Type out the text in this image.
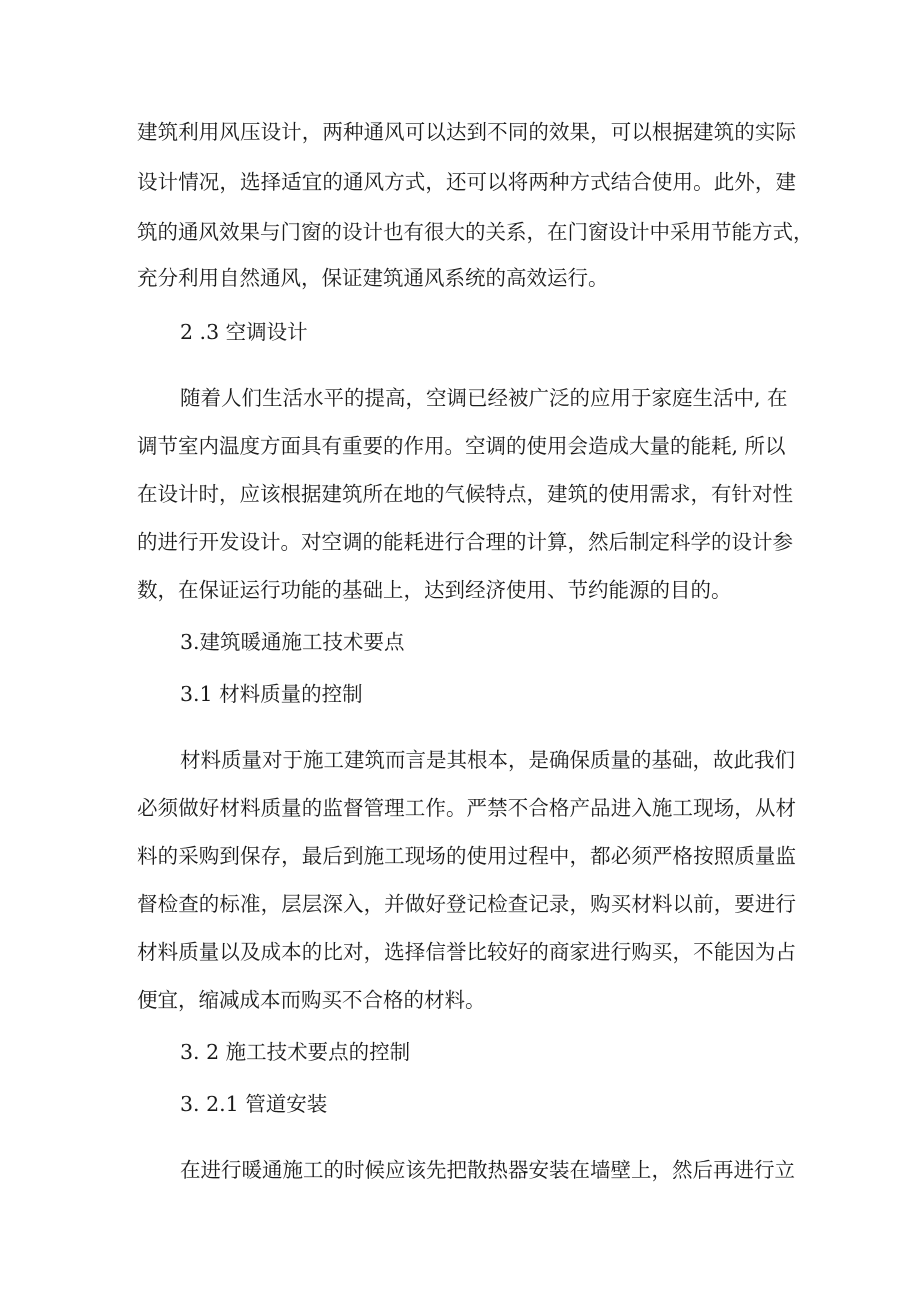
建筑利用风压设计，两种通风可以达到不同的效果，可以根据建筑的实际
设计情况，选择适宜的通风方式，还可以将两种方式结合使用。此外，建
筑的通风效果与门窗的设计也有很大的关系，在门窗设计中采用节能方式，
充分利用自然通风，保证建筑通风系统的高效运行。
2 .3 空调设计
随着人们生活水平的提高，空调已经被广泛的应用于家庭生活中, 在
调节室内温度方面具有重要的作用。空调的使用会造成大量的能耗, 所以
在设计时，应该根据建筑所在地的气候特点，建筑的使用需求，有针对性
的进行开发设计。对空调的能耗进行合理的计算，然后制定科学的设计参
数，在保证运行功能的基础上，达到经济使用、节约能源的目的。
3.建筑暖通施工技术要点
3.1 材料质量的控制
材料质量对于施工建筑而言是其根本，是确保质量的基础，故此我们
必须做好材料质量的监督管理工作。严禁不合格产品进入施工现场，从材
料的采购到保存，最后到施工现场的使用过程中，都必须严格按照质量监
督检查的标准，层层深入，并做好登记检查记录，购买材料以前，要进行
材料质量以及成本的比对，选择信誉比较好的商家进行购买，不能因为占
便宜，缩减成本而购买不合格的材料。
3. 2 施工技术要点的控制
3. 2.1 管道安装
在进行暖通施工的时候应该先把散热器安装在墙壁上，然后再进行立
